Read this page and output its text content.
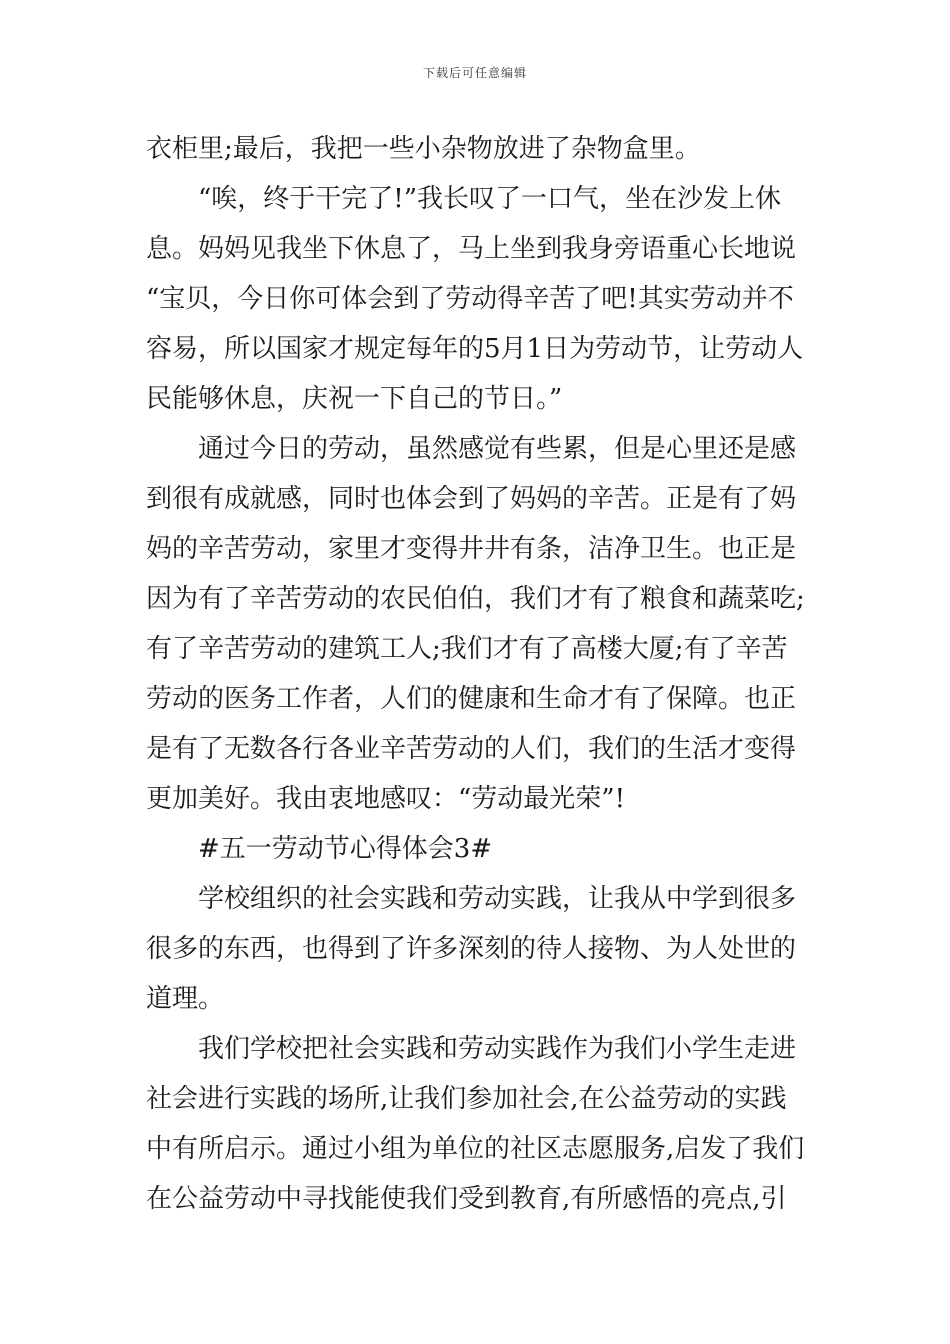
下载后可任意编辑

衣柜里;最后，我把一些小杂物放进了杂物盒里。

“唉，终于干完了!”我长叹了一口气，坐在沙发上休
息。妈妈见我坐下休息了，马上坐到我身旁语重心长地说
“宝贝，今日你可体会到了劳动得辛苦了吧!其实劳动并不
容易，所以国家才规定每年的5月1日为劳动节，让劳动人
民能够休息，庆祝一下自己的节日。”

通过今日的劳动，虽然感觉有些累，但是心里还是感
到很有成就感，同时也体会到了妈妈的辛苦。正是有了妈
妈的辛苦劳动，家里才变得井井有条，洁净卫生。也正是
因为有了辛苦劳动的农民伯伯，我们才有了粮食和蔬菜吃;
有了辛苦劳动的建筑工人;我们才有了高楼大厦;有了辛苦
劳动的医务工作者，人们的健康和生命才有了保障。也正
是有了无数各行各业辛苦劳动的人们，我们的生活才变得
更加美好。我由衷地感叹：“劳动最光荣”!

#五一劳动节心得体会3#

学校组织的社会实践和劳动实践，让我从中学到很多
很多的东西，也得到了许多深刻的待人接物、为人处世的
道理。

我们学校把社会实践和劳动实践作为我们小学生走进
社会进行实践的场所,让我们参加社会,在公益劳动的实践
中有所启示。通过小组为单位的社区志愿服务,启发了我们
在公益劳动中寻找能使我们受到教育,有所感悟的亮点,引
